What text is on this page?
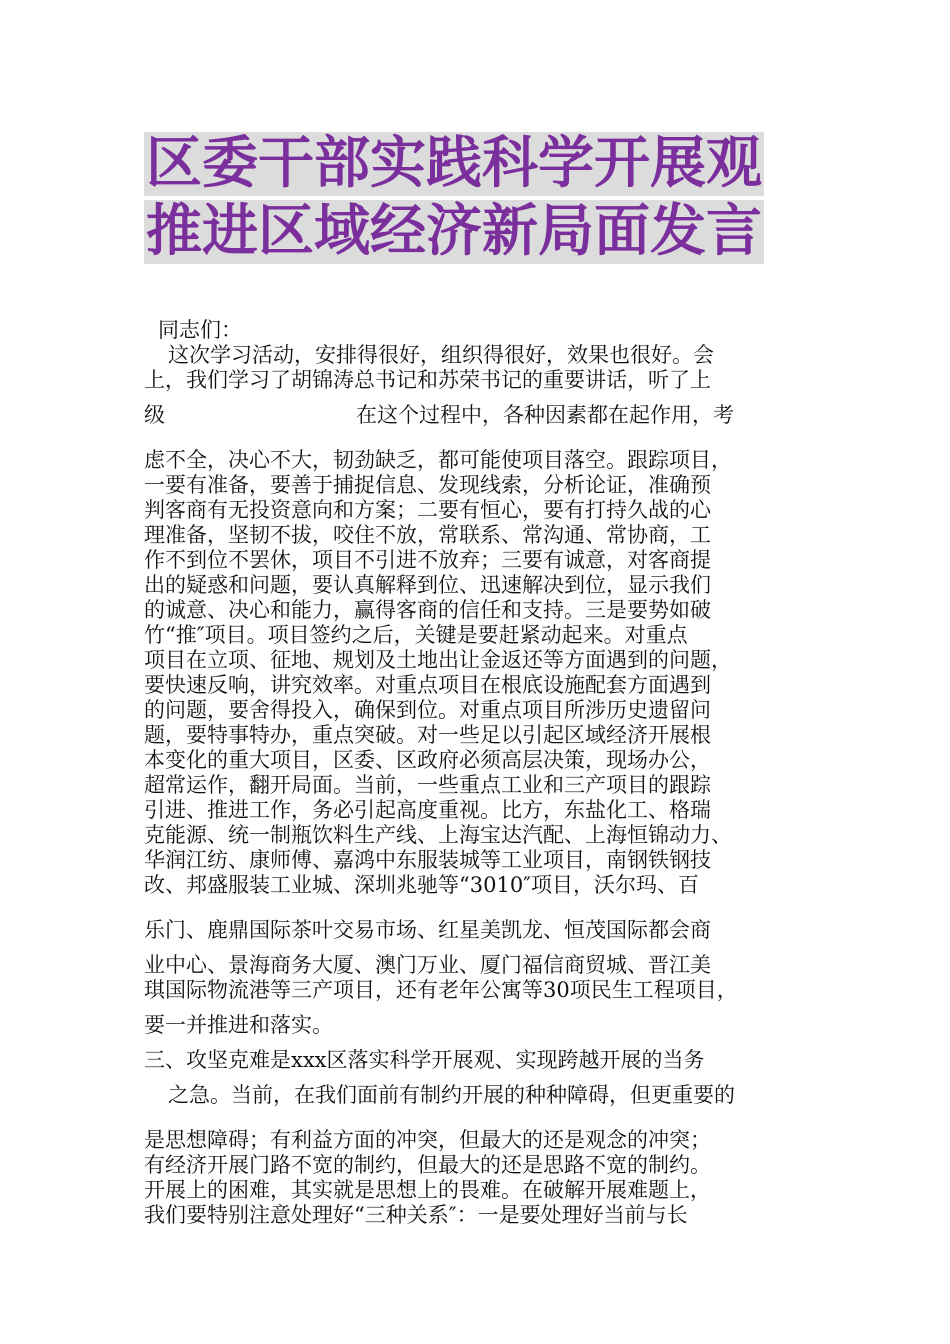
区委干部实践科学开展观
推进区域经济新局面发言
同志们：
这次学习活动，安排得很好，组织得很好，效果也很好。会
上，我们学习了胡锦涛总书记和苏荣书记的重要讲话，听了上
级	在这个过程中，各种因素都在起作用，考
虑不全，决心不大，韧劲缺乏，都可能使项目落空。跟踪项目，
一要有准备，要善于捕捉信息、发现线索，分析论证，准确预
判客商有无投资意向和方案；二要有恒心，要有打持久战的心
理准备，坚韧不拔，咬住不放，常联系、常沟通、常协商，工
作不到位不罢休，项目不引进不放弃；三要有诚意，对客商提
出的疑惑和问题，要认真解释到位、迅速解决到位，显示我们
的诚意、决心和能力，赢得客商的信任和支持。三是要势如破
竹“推″项目。项目签约之后，关键是要赶紧动起来。对重点
项目在立项、征地、规划及土地出让金返还等方面遇到的问题，
要快速反响，讲究效率。对重点项目在根底设施配套方面遇到
的问题，要舍得投入，确保到位。对重点项目所涉历史遗留问
题，要特事特办，重点突破。对一些足以引起区域经济开展根
本变化的重大项目，区委、区政府必须高层决策，现场办公，
超常运作，翻开局面。当前，一些重点工业和三产项目的跟踪
引进、推进工作，务必引起高度重视。比方，东盐化工、格瑞
克能源、统一制瓶饮料生产线、上海宝达汽配、上海恒锦动力、
华润江纺、康师傅、嘉鸿中东服装城等工业项目，南钢铁钢技
改、邦盛服装工业城、深圳兆驰等“3010″项目，沃尔玛、百
乐门、鹿鼎国际茶叶交易市场、红星美凯龙、恒茂国际都会商
业中心、景海商务大厦、澳门万业、厦门福信商贸城、晋江美
琪国际物流港等三产项目，还有老年公寓等30项民生工程项目，
要一并推进和落实。
三、攻坚克难是xxx区落实科学开展观、实现跨越开展的当务
之急。当前，在我们面前有制约开展的种种障碍，但更重要的
是思想障碍；有利益方面的冲突，但最大的还是观念的冲突；
有经济开展门路不宽的制约，但最大的还是思路不宽的制约。
开展上的困难，其实就是思想上的畏难。在破解开展难题上，
我们要特别注意处理好“三种关系″：一是要处理好当前与长
